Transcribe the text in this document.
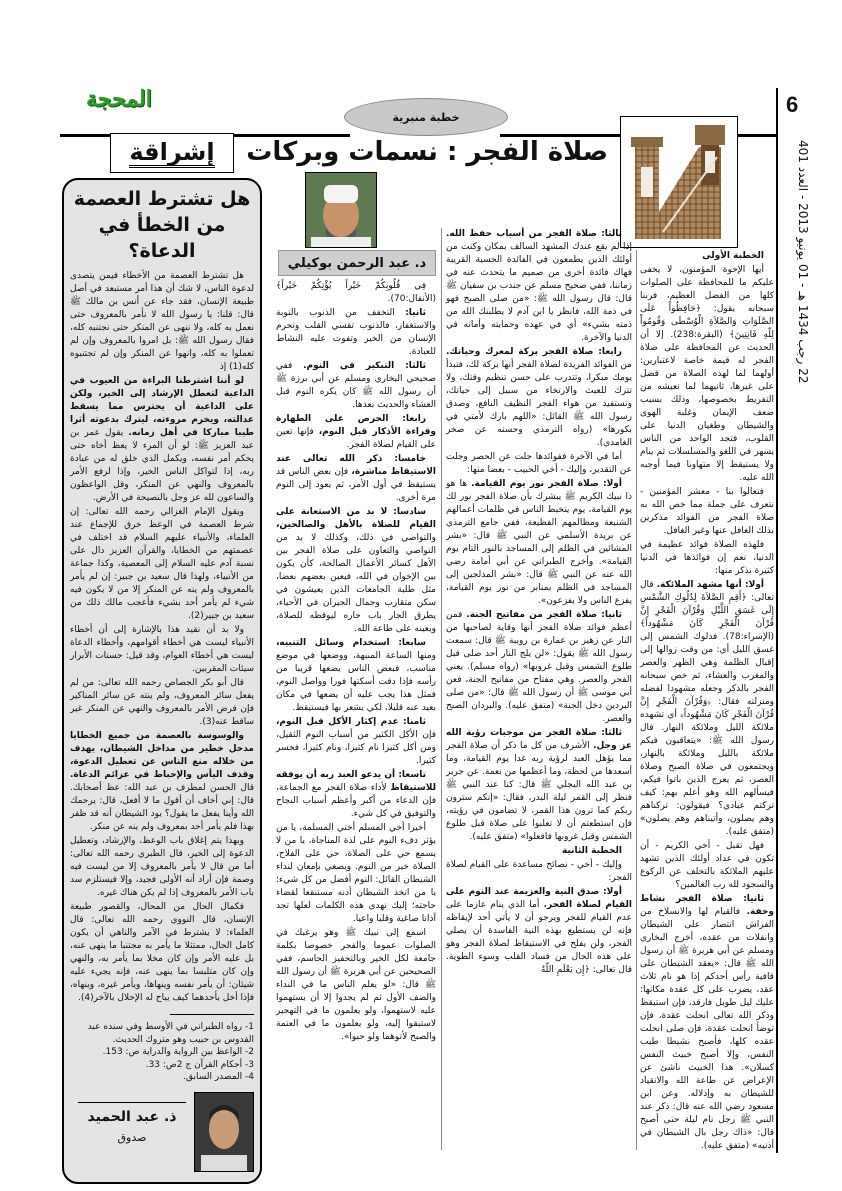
6
22 رجب 1434 هـ - 01 يونيو 2013 - العدد 401
خطبة منبرية
المحجة
إشراقة صلاة الفجر : نسمات وبركات
د. عبد الرحمن بوكيلي	الخطبة الأولى

أيها الإخوة المؤمنون، لا يخفى عليكم ما للمحافظة على الصلوات كلها من الفضل العظيم، فربنا سبحانه يقول: ﴿حَافِظُواْ عَلَى الصَّلَوَاتِ وَالصَّلاَةِ الْوُسْطَى وَقُومُواْ لِلّهِ قَانِتِينَ﴾ (البقرة:238). إلا أن الحديث عن المحافظة على صلاة الفجر له قيمة خاصة لاعتبارين: أولهما لما لهذه الصلاة من فضل على غيرها، ثانيهما لما نعيشه من التفريط بخصوصها، وذلك بسبب ضعف الإيمان وغلبة الهوى والشيطان وطغيان الدنيا على القلوب، فتجد الواحد من الناس يسهر في اللغو والمسلسلات ثم ينام ولا يستيقظ إلا متهاونا فيما أوجبه الله عليه.

فتعالوا بنا - معشر المؤمنين - نتعرف على جملة مما خص الله به صلاة الفجر من الفوائد مذكرين بذلك الغافل عنها وغير الغافل.

فلهذه الصلاة فوائد عظيمة في الدنيا، نعم إن فوائدها في الدنيا كثيرة نذكر منها:

أولا: أنها مشهد الملائكة. قال تعالى: ﴿أَقِمِ الصَّلاَةَ لِدُلُوكِ الشَّمْسِ إِلَى غَسَقِ اللَّيْلِ وَقُرْآنَ الْفَجْرِ إِنَّ قُرْآنَ الْفَجْرِ كَانَ مَشْهُوداً﴾ (الإسراء:78). فدلوك الشمس إلى غسق الليل أي: من وقت زوالها إلى إقبال الظلمة وهي الظهر والعصر والمغرب والعشاء، ثم خص سبحانه الفجر بالذكر وجعله مشهودا لفضله ومنزلته فقال: ﴿وَقُرْآنَ الْفَجْرِ إِنَّ قُرْآنَ الْفَجْرِ كَانَ مَشْهُوداً﴾ أي تشهده ملائكة الليل وملائكة النهار. قال رسول الله ﷺ: «يتعاقبون فيكم ملائكة بالليل وملائكة بالنهار، ويجتمعون في صلاة الصبح وصلاة العصر، ثم يعرج الذين باتوا فيكم، فيسألهم الله وهو أعلم بهم: كيف تركتم عبادي؟ فيقولون: تركناهم وهم يصلون، وأتيناهم وهم يصلون» (متفق عليه).

فهل تقبل - أخي الكريم - أن تكون في عداد أولئك الذين تشهد عليهم الملائكة بالتخلف عن الركوع والسجود لله رب العالمين؟

ثانيا: صلاة الفجر نشاط وخفة. فالقيام لها والانسلاخ من الفراش انتصار على الشيطان وانفلات من عقده، أخرج البخاري ومسلم عن أبي هريرة ﷺ أن رسول الله ﷺ قال: «يعقد الشيطان على قافية رأس أحدكم إذا هو نام ثلاث عقد، يضرب على كل عقدة مكانها: عليك ليل طويل فارقد، فإن استيقظ وذكر الله تعالى انحلت عقدة، فإن توضأ انحلت عقدة، فإن صلى انحلت عقده كلها، فأصبح نشيطا طيب النفس، وإلا أصبح خبيث النفس كسلان». هذا الخبيث ناشئ عن الإعراض عن طاعة الله والانقياد للشيطان به وإذلاله. وعن ابن مسعود رضي الله عنه قال: ذكر عند النبي ﷺ رجل نام ليلة حتى أصبح قال: «ذاك رجل بال الشيطان في أذنيه» (متفق عليه).

ثالثا: صلاة الفجر من أسباب حفظ الله. إذا لم يقع عندك المشهد السالف بمكان وكنت من أولئك الذين يطمعون في الفائدة الحسية القريبة فهاك فائدة أخرى من صميم ما يتحدث عنه في زماننا، ففي صحيح مسلم عن جندب بن سفيان ﷺ قال: قال رسول الله ﷺ: «من صلى الصبح فهو في ذمة الله، فانظر يا ابن آدم لا يطلبنك الله من ذمته بشيء» أي في عهده وحمايته وأمانه في الدنيا والآخرة.

رابعا: صلاة الفجر بركة لمعرك وحياتك. من الفوائد الفريدة لصلاة الفجر أنها بركة لك، فتبدأ يومك مبكرا، وتتدرب على حسن تنظيم وقتك، ولا تترك للعبث والارتخاء من سبيل إلى حياتك، وتستفيد من هواء الفجر النظيف النافع، وصدق رسول الله ﷺ القائل: «اللهم بارك لأمتي في بكورها» (رواه الترمذي وحسنه عن صخر الغامدي).

أما في الآخرة ففوائدها جلت عن الحصر وجلت عن التقدير، وإليك - أخي الحبيب - بعضا منها:

أولا: صلاة الفجر نور يوم القيامة. ها هو ذا نبيك الكريم ﷺ يبشرك بأن صلاة الفجر نور لك يوم القيامة، يوم يتخبط الناس في ظلمات أعمالهم الشنيعة ومظالمهم الفظيعة، ففي جامع الترمذي عن بريدة الأسلمي عن النبي ﷺ قال: «بشر المشائين في الظلم إلى المساجد بالنور التام يوم القيامة». وأخرج الطبراني عن أبي أمامة رضي الله عنه عن النبي ﷺ قال: «بشر المدلجين إلى المساجد في الظلم بمنابر من نور يوم القيامة، يفزع الناس ولا يفزعون».

ثانيا: صلاة الفجر من مفاتيح الجنة. فمن أعظم فوائد صلاة الفجر أنها وقاية لصاحبها من النار عن زهير بن عمارة بن رويبة ﷺ قال: سمعت رسول الله ﷺ يقول: «لن يلج النار أحد صلى قبل طلوع الشمس وقبل غروبها» (رواه مسلم). يعني الفجر والعصر. وهي مفتاح من مفاتيح الجنة، فعن أبي موسى ﷺ أن رسول الله ﷺ قال: «من صلى البردين دخل الجنة» (متفق عليه). والبردان الصبح والعصر.

ثالثا: صلاة الفجر من موجبات رؤية الله عز وجل. الأشرف من كل ما ذكر أن صلاة الفجر مما يؤهل العبد لرؤية ربه غدا يوم القيامة، وما أسعدها من لحظة، وما أعظمها من نعمة. عن جرير بن عبد الله البجلي ﷺ قال: كنا عند النبي ﷺ فنظر إلى القمر ليلة البدر، فقال: «إنكم سترون ربكم كما ترون هذا القمر، لا تضامون في رؤيته، فإن استطعتم أن لا تغلبوا على صلاة قبل طلوع الشمس وقبل غروبها فافعلوا» (متفق عليه).

الخطبة الثانية

وإليك - أخي - نصائح مساعدة على القيام لصلاة الفجر:

أولا: صدق النية والعزيمة عند النوم على القيام لصلاة الفجر. أما الذي ينام عازما على عدم القيام للفجر ويرجو أن لا يأتي أحد لإيقاظه فإنه لن يستطيع بهذه النية الفاسدة أن يصلي الفجر، ولن يفلح في الاستيقاظ لصلاة الفجر وهو على هذه الحال من فساد القلب وسوء الطوية. قال تعالى: ﴿إِن يَعْلَمِ اللّهُ

فِي قُلُوبِكُمْ خَيْراً يُؤْتِكُمْ خَيْراً﴾ (الأنفال:70).

ثانيا: التخفف من الذنوب بالتوبة والاستغفار، فالذنوب تقسي القلب وتحرم الإنسان من الخير وتفوت عليه النشاط للعبادة.

ثالثا: التبكير في النوم. ففي صحيحي البخاري ومسلم عن أبي برزة ﷺ أن رسول الله ﷺ كان يكره النوم قبل العشاء والحديث بعدها.

رابعا: الحرص على الطهارة وقراءة الأذكار قبل النوم، فإنها تعين على القيام لصلاة الفجر.

خامسا: ذكر الله تعالى عند الاستيقاظ مباشرة، فإن بعض الناس قد يستيقظ في أول الأمر، ثم يعود إلى النوم مرة أخرى.

سادسا: لا بد من الاستعانة على القيام للصلاة بالأهل والصالحين، والتواصي في ذلك، وكذلك لا بد من التواصي والتعاون على صلاة الفجر بين الأهل كسائر الأعمال الصالحة، كأن يكون بين الإخوان في الله، فيعين بعضهم بعضا، مثل طلبة الجامعات الذين يعيشون في سكن متقارب وجمال الجيران في الأحياء، يطرق الجار باب جاره ليوقظه للصلاة، ويعينه على طاعة الله.

سابعا: استخدام وسائل التنبيه، ومنها الساعة المنبهة، ووضعها في موضع مناسب، فبعض الناس يضعها قريبا من رأسه فإذا دقت أسكتها فورا وواصل النوم، فمثل هذا يجب عليه أن يضعها في مكان بعيد عنه قليلا، لكي يشعر بها فيستيقظ.

ثامنا: عدم إكثار الأكل قبل النوم، فإن الأكل الكثير من أسباب النوم الثقيل، ومن أكل كثيرا نام كثيرا، ونام كثيرا، فخسر كثيرا.

تاسعا: أن يدعو العبد ربه أن يوفقه للاستيقاظ لأداء صلاة الفجر مع الجماعة، فإن الدعاء من أكبر وأعظم أسباب النجاح والتوفيق في كل شيء.

أخيرا أخي المسلم أختي المسلمة، يا من يؤثر دفء النوم على لذة المناجاة، يا من لا يسمع حي على الصلاة، حي على الفلاح، الصلاة خير من النوم. ويصغي بإمعان لنداء الشيطان القائل: النوم أفضل من كل شيء؛ يا من اتخذ الشيطان أذنه مستنقعا لقضاء حاجته؛ إليك نهدي هذه الكلمات لعلها تجد آذانا صاغية وقلبا واعيا.

اسمع إلى نبيك ﷺ وهو يرغبك في الصلوات عموما والفجر خصوصا بكلمة جامعة لكل الخير وبالتحفيز الحاسم، ففي الصحيحين عن أبي هريرة ﷺ أن رسول الله ﷺ قال: «لو يعلم الناس ما في النداء والصف الأول ثم لم يجدوا إلا أن يستهموا عليه لاستهموا، ولو يعلمون ما في التهجير لاستبقوا إليه، ولو يعلمون ما في العتمة والصبح لأتوهما ولو حبوا».

هل تشترط العصمة من الخطأ في الدعاة؟

هل تشترط العصمة من الأخطاء فيمن يتصدى لدعوة الناس، لا شك أن هذا أمر مستبعد في أصل طبيعة الإنسان، فقد جاء عن أنس بن مالك ﷺ قال: قلنا: يا رسول الله لا نأمر بالمعروف حتى نعمل به كله، ولا ننهى عن المنكر حتى نجتنبه كله، فقال رسول الله ﷺ: بل امروا بالمعروف وإن لم تعملوا به كله، وانهوا عن المنكر وإن لم تجتنبوه كله(1) إذ

لو أننا اشترطنا البراءة من العيوب في الداعية لتعطل الإرشاد إلى الخير، ولكن على الداعية أن يحترس مما يسقط عدالته، ويخرم مروءته، ليترك بدعوته أثرا طيبا مباركا في أهل زمانه. يقول عمر بن عبد العزيز ﷺ: لو أن المرء لا يعظ أخاه حتى يحكم أمر نفسه، ويكمل الذي خلق له من عبادة ربه، إذا لتواكل الناس الخير، وإذا لرفع الأمر بالمعروف والنهي عن المنكر، وقل الواعظون والساعون لله عز وجل بالنصيحة في الأرض.

ويقول الإمام الغزالي رحمه الله تعالى: إن شرط العصمة في الوعظ خرق للإجماع عند العلماء، والأنبياء عليهم السلام قد اختلف في عصمتهم من الخطايا، والقرآن العزيز دال على نسبة آدم عليه السلام إلى المعصية، وكذا جماعة من الأنبياء، ولهذا قال سعيد بن جبير: إن لم يأمر بالمعروف ولم ينه عن المنكر إلا من لا يكون فيه شيء لم يأمر أحد بشيء فأعجب مالك ذلك من سعيد بن جبير(2).

ولا بد أن نقيد هذا بالإشارة إلى أن أخطاء الأنبياء ليست هي أخطاء أقوامهم، وأخطاء الدعاة ليست هي أخطاء العوام، وقد قيل: حسنات الأبرار سيئات المقربين.

قال أبو بكر الجصاص رحمه الله تعالى: من لم يفعل سائر المعروف، ولم ينته عن سائر المناكير فإن فرض الأمر بالمعروف والنهي عن المنكر غير ساقط عنه(3).

والوسوسة بالعصمة من جميع الخطايا مدخل خطير من مداخل الشيطان، يهدف من خلاله منع الناس عن تعطيل الدعوة، وقذف اليأس والإحباط في عزائم الدعاة. قال الحسن لمطرف بن عبد الله: عظ أصحابك. قال: إني أخاف أن أقول ما لا أفعل، قال: يرحمك الله وأينا يفعل ما يقول؟ يود الشيطان أنه قد ظفر بهذا فلم يأمر أحد بمعروف ولم ينه عن منكر.

وبهذا يتم إغلاق باب الوعظ، والإرشاد، وتعطيل الدعوة إلى الخير، قال الطبري رحمه الله تعالى: أما من قال لا يأمر بالمعروف إلا من ليست فيه وصمة فإن أراد أنه الأولى فجيد، وإلا فيستلزم سد باب الأمر بالمعروف إذا لم يكن هناك غيره.

فكمال الحال من المحال، والقصور طبيعة الإنسان، قال النووي رحمه الله تعالى: قال العلماء: لا يشترط في الآمر والناهي أن يكون كامل الحال، ممتثلا ما يأمر به مجتنبا ما ينهى عنه، بل عليه الأمر وإن كان مخلا بما يأمر به، والنهي وإن كان متلبسا بما ينهى عنه، فإنه يجيء عليه شيئان: أن يأمر نفسه وينهاها، ويأمر غيره، وينهاه، فإذا أخل بأحدهما كيف يباح له الإخلال بالآخر(4).

1- رواه الطبراني في الأوسط وفي سنده عبد القدوس بن حبيب وهو متروك الحديث.
2- الواعظ بين الرواية والدراية ص: 153.
3- أحكام القرآن ج 2ص: 33.
4- المصدر السابق.
ذ. عبد الحميد
صدوق
